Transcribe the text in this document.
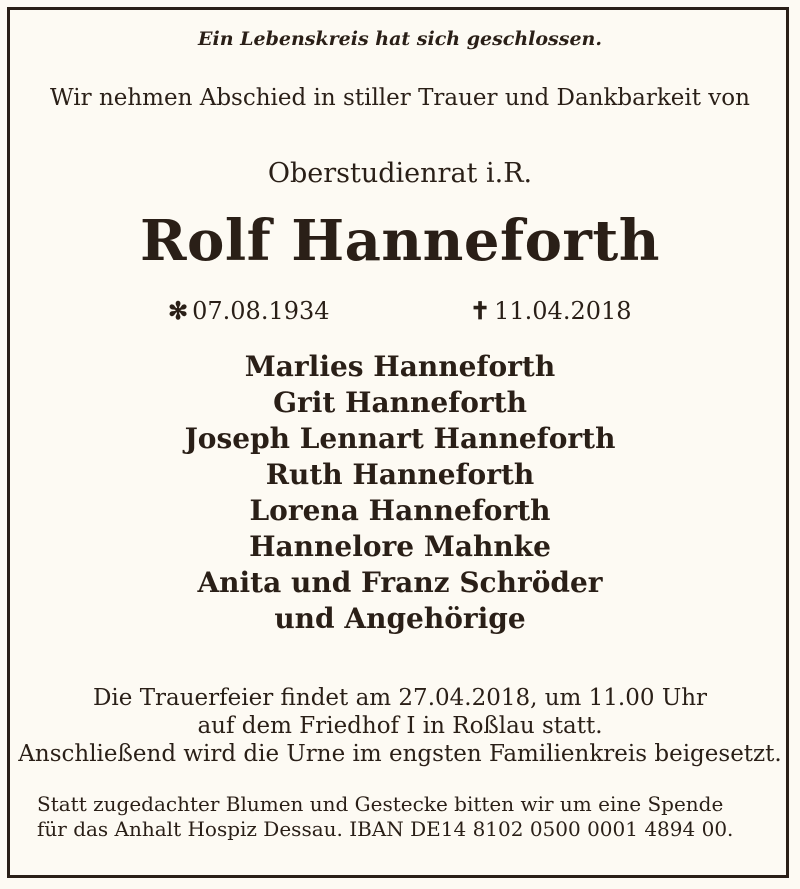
Ein Lebenskreis hat sich geschlossen.
Wir nehmen Abschied in stiller Trauer und Dankbarkeit von
Oberstudienrat i.R.
Rolf Hanneforth
✻ 07.08.1934	✝ 11.04.2018
Marlies Hanneforth
Grit Hanneforth
Joseph Lennart Hanneforth
Ruth Hanneforth
Lorena Hanneforth
Hannelore Mahnke
Anita und Franz Schröder
und Angehörige
Die Trauerfeier findet am 27.04.2018, um 11.00 Uhr
auf dem Friedhof I in Roßlau statt.
Anschließend wird die Urne im engsten Familienkreis beigesetzt.
Statt zugedachter Blumen und Gestecke bitten wir um eine Spende
für das Anhalt Hospiz Dessau. IBAN DE14 8102 0500 0001 4894 00.
